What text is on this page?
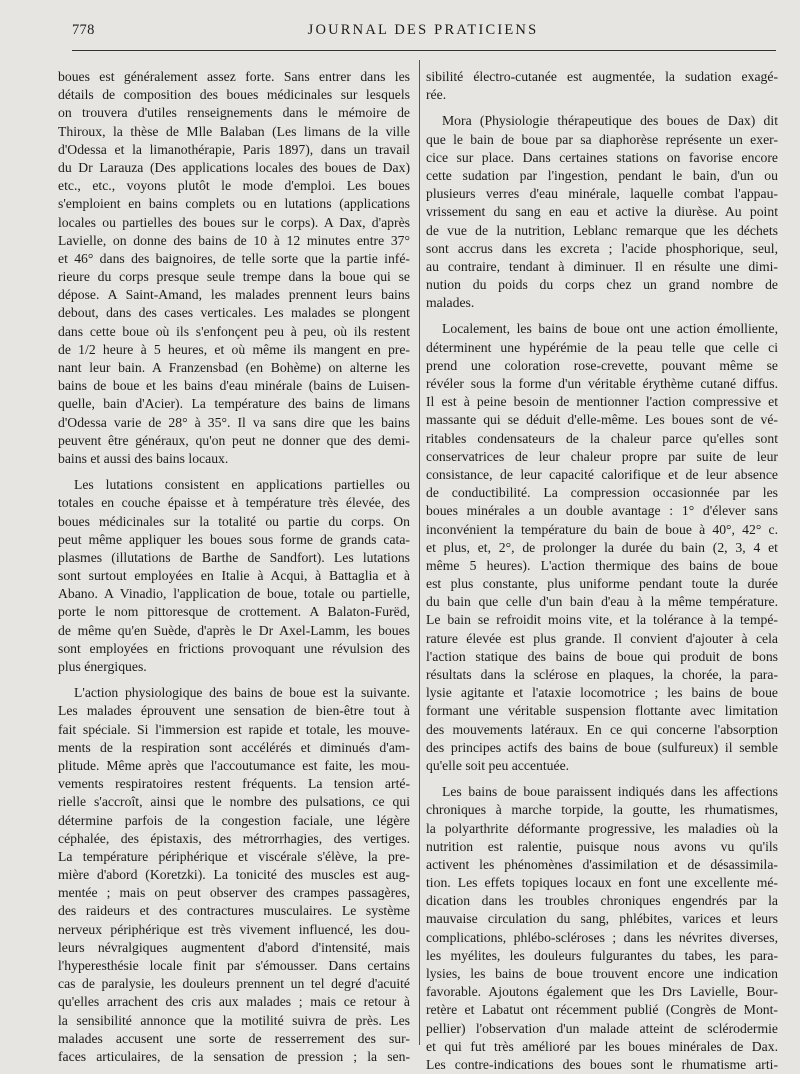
778	JOURNAL DES PRATICIENS
boues est généralement assez forte. Sans entrer dans les
détails de composition des boues médicinales sur lesquels
on trouvera d'utiles renseignements dans le mémoire de
Thiroux, la thèse de Mlle Balaban (Les limans de la ville
d'Odessa et la limanothérapie, Paris 1897), dans un travail
du Dr Larauza (Des applications locales des boues de Dax)
etc., etc., voyons plutôt le mode d'emploi. Les boues
s'emploient en bains complets ou en lutations (applications
locales ou partielles des boues sur le corps). A Dax, d'après
Lavielle, on donne des bains de 10 à 12 minutes entre 37°
et 46° dans des baignoires, de telle sorte que la partie infé-
rieure du corps presque seule trempe dans la boue qui se
dépose. A Saint-Amand, les malades prennent leurs bains
debout, dans des cases verticales. Les malades se plongent
dans cette boue où ils s'enfonçent peu à peu, où ils restent
de 1/2 heure à 5 heures, et où même ils mangent en pre-
nant leur bain. A Franzensbad (en Bohème) on alterne les
bains de boue et les bains d'eau minérale (bains de Luisen-
quelle, bain d'Acier). La température des bains de limans
d'Odessa varie de 28° à 35°. Il va sans dire que les bains
peuvent être généraux, qu'on peut ne donner que des demi-
bains et aussi des bains locaux.
Les lutations consistent en applications partielles ou
totales en couche épaisse et à température très élevée, des
boues médicinales sur la totalité ou partie du corps. On
peut même appliquer les boues sous forme de grands cata-
plasmes (illutations de Barthe de Sandfort). Les lutations
sont surtout employées en Italie à Acqui, à Battaglia et à
Abano. A Vinadio, l'application de boue, totale ou partielle,
porte le nom pittoresque de crottement. A Balaton-Furëd,
de même qu'en Suède, d'après le Dr Axel-Lamm, les boues
sont employées en frictions provoquant une révulsion des
plus énergiques.
L'action physiologique des bains de boue est la suivante.
Les malades éprouvent une sensation de bien-être tout à
fait spéciale. Si l'immersion est rapide et totale, les mouve-
ments de la respiration sont accélérés et diminués d'am-
plitude. Même après que l'accoutumance est faite, les mou-
vements respiratoires restent fréquents. La tension arté-
rielle s'accroît, ainsi que le nombre des pulsations, ce qui
détermine parfois de la congestion faciale, une légère
céphalée, des épistaxis, des métrorrhagies, des vertiges.
La température périphérique et viscérale s'élève, la pre-
mière d'abord (Koretzki). La tonicité des muscles est aug-
mentée ; mais on peut observer des crampes passagères,
des raideurs et des contractures musculaires. Le système
nerveux périphérique est très vivement influencé, les dou-
leurs névralgiques augmentent d'abord d'intensité, mais
l'hyperesthésie locale finit par s'émousser. Dans certains
cas de paralysie, les douleurs prennent un tel degré d'acuité
qu'elles arrachent des cris aux malades ; mais ce retour à
la sensibilité annonce que la motilité suivra de près. Les
malades accusent une sorte de resserrement des sur-
faces articulaires, de la sensation de pression ; la sen-
sibilité électro-cutanée est augmentée, la sudation exagé-
rée.
Mora (Physiologie thérapeutique des boues de Dax) dit
que le bain de boue par sa diaphorèse représente un exer-
cice sur place. Dans certaines stations on favorise encore
cette sudation par l'ingestion, pendant le bain, d'un ou
plusieurs verres d'eau minérale, laquelle combat l'appau-
vrissement du sang en eau et active la diurèse. Au point
de vue de la nutrition, Leblanc remarque que les déchets
sont accrus dans les excreta ; l'acide phosphorique, seul,
au contraire, tendant à diminuer. Il en résulte une dimi-
nution du poids du corps chez un grand nombre de
malades.
Localement, les bains de boue ont une action émolliente,
déterminent une hypérémie de la peau telle que celle ci
prend une coloration rose-crevette, pouvant même se
révéler sous la forme d'un véritable érythème cutané diffus.
Il est à peine besoin de mentionner l'action compressive et
massante qui se déduit d'elle-même. Les boues sont de vé-
ritables condensateurs de la chaleur parce qu'elles sont
conservatrices de leur chaleur propre par suite de leur
consistance, de leur capacité calorifique et de leur absence
de conductibilité. La compression occasionnée par les
boues minérales a un double avantage : 1° d'élever sans
inconvénient la température du bain de boue à 40°, 42° c.
et plus, et, 2°, de prolonger la durée du bain (2, 3, 4 et
même 5 heures). L'action thermique des bains de boue
est plus constante, plus uniforme pendant toute la durée
du bain que celle d'un bain d'eau à la même température.
Le bain se refroidit moins vite, et la tolérance à la tempé-
rature élevée est plus grande. Il convient d'ajouter à cela
l'action statique des bains de boue qui produit de bons
résultats dans la sclérose en plaques, la chorée, la para-
lysie agitante et l'ataxie locomotrice ; les bains de boue
formant une véritable suspension flottante avec limitation
des mouvements latéraux. En ce qui concerne l'absorption
des principes actifs des bains de boue (sulfureux) il semble
qu'elle soit peu accentuée.
Les bains de boue paraissent indiqués dans les affections
chroniques à marche torpide, la goutte, les rhumatismes,
la polyarthrite déformante progressive, les maladies où la
nutrition est ralentie, puisque nous avons vu qu'ils
activent les phénomènes d'assimilation et de désassimila-
tion. Les effets topiques locaux en font une excellente mé-
dication dans les troubles chroniques engendrés par la
mauvaise circulation du sang, phlébites, varices et leurs
complications, phlébo-scléroses ; dans les névrites diverses,
les myélites, les douleurs fulgurantes du tabes, les para-
lysies, les bains de boue trouvent encore une indication
favorable. Ajoutons également que les Drs Lavielle, Bour-
retère et Labatut ont récemment publié (Congrès de Mont-
pellier) l'observation d'un malade atteint de sclérodermie
et qui fut très amélioré par les boues minérales de Dax.
Les contre-indications des boues sont le rhumatisme arti-
